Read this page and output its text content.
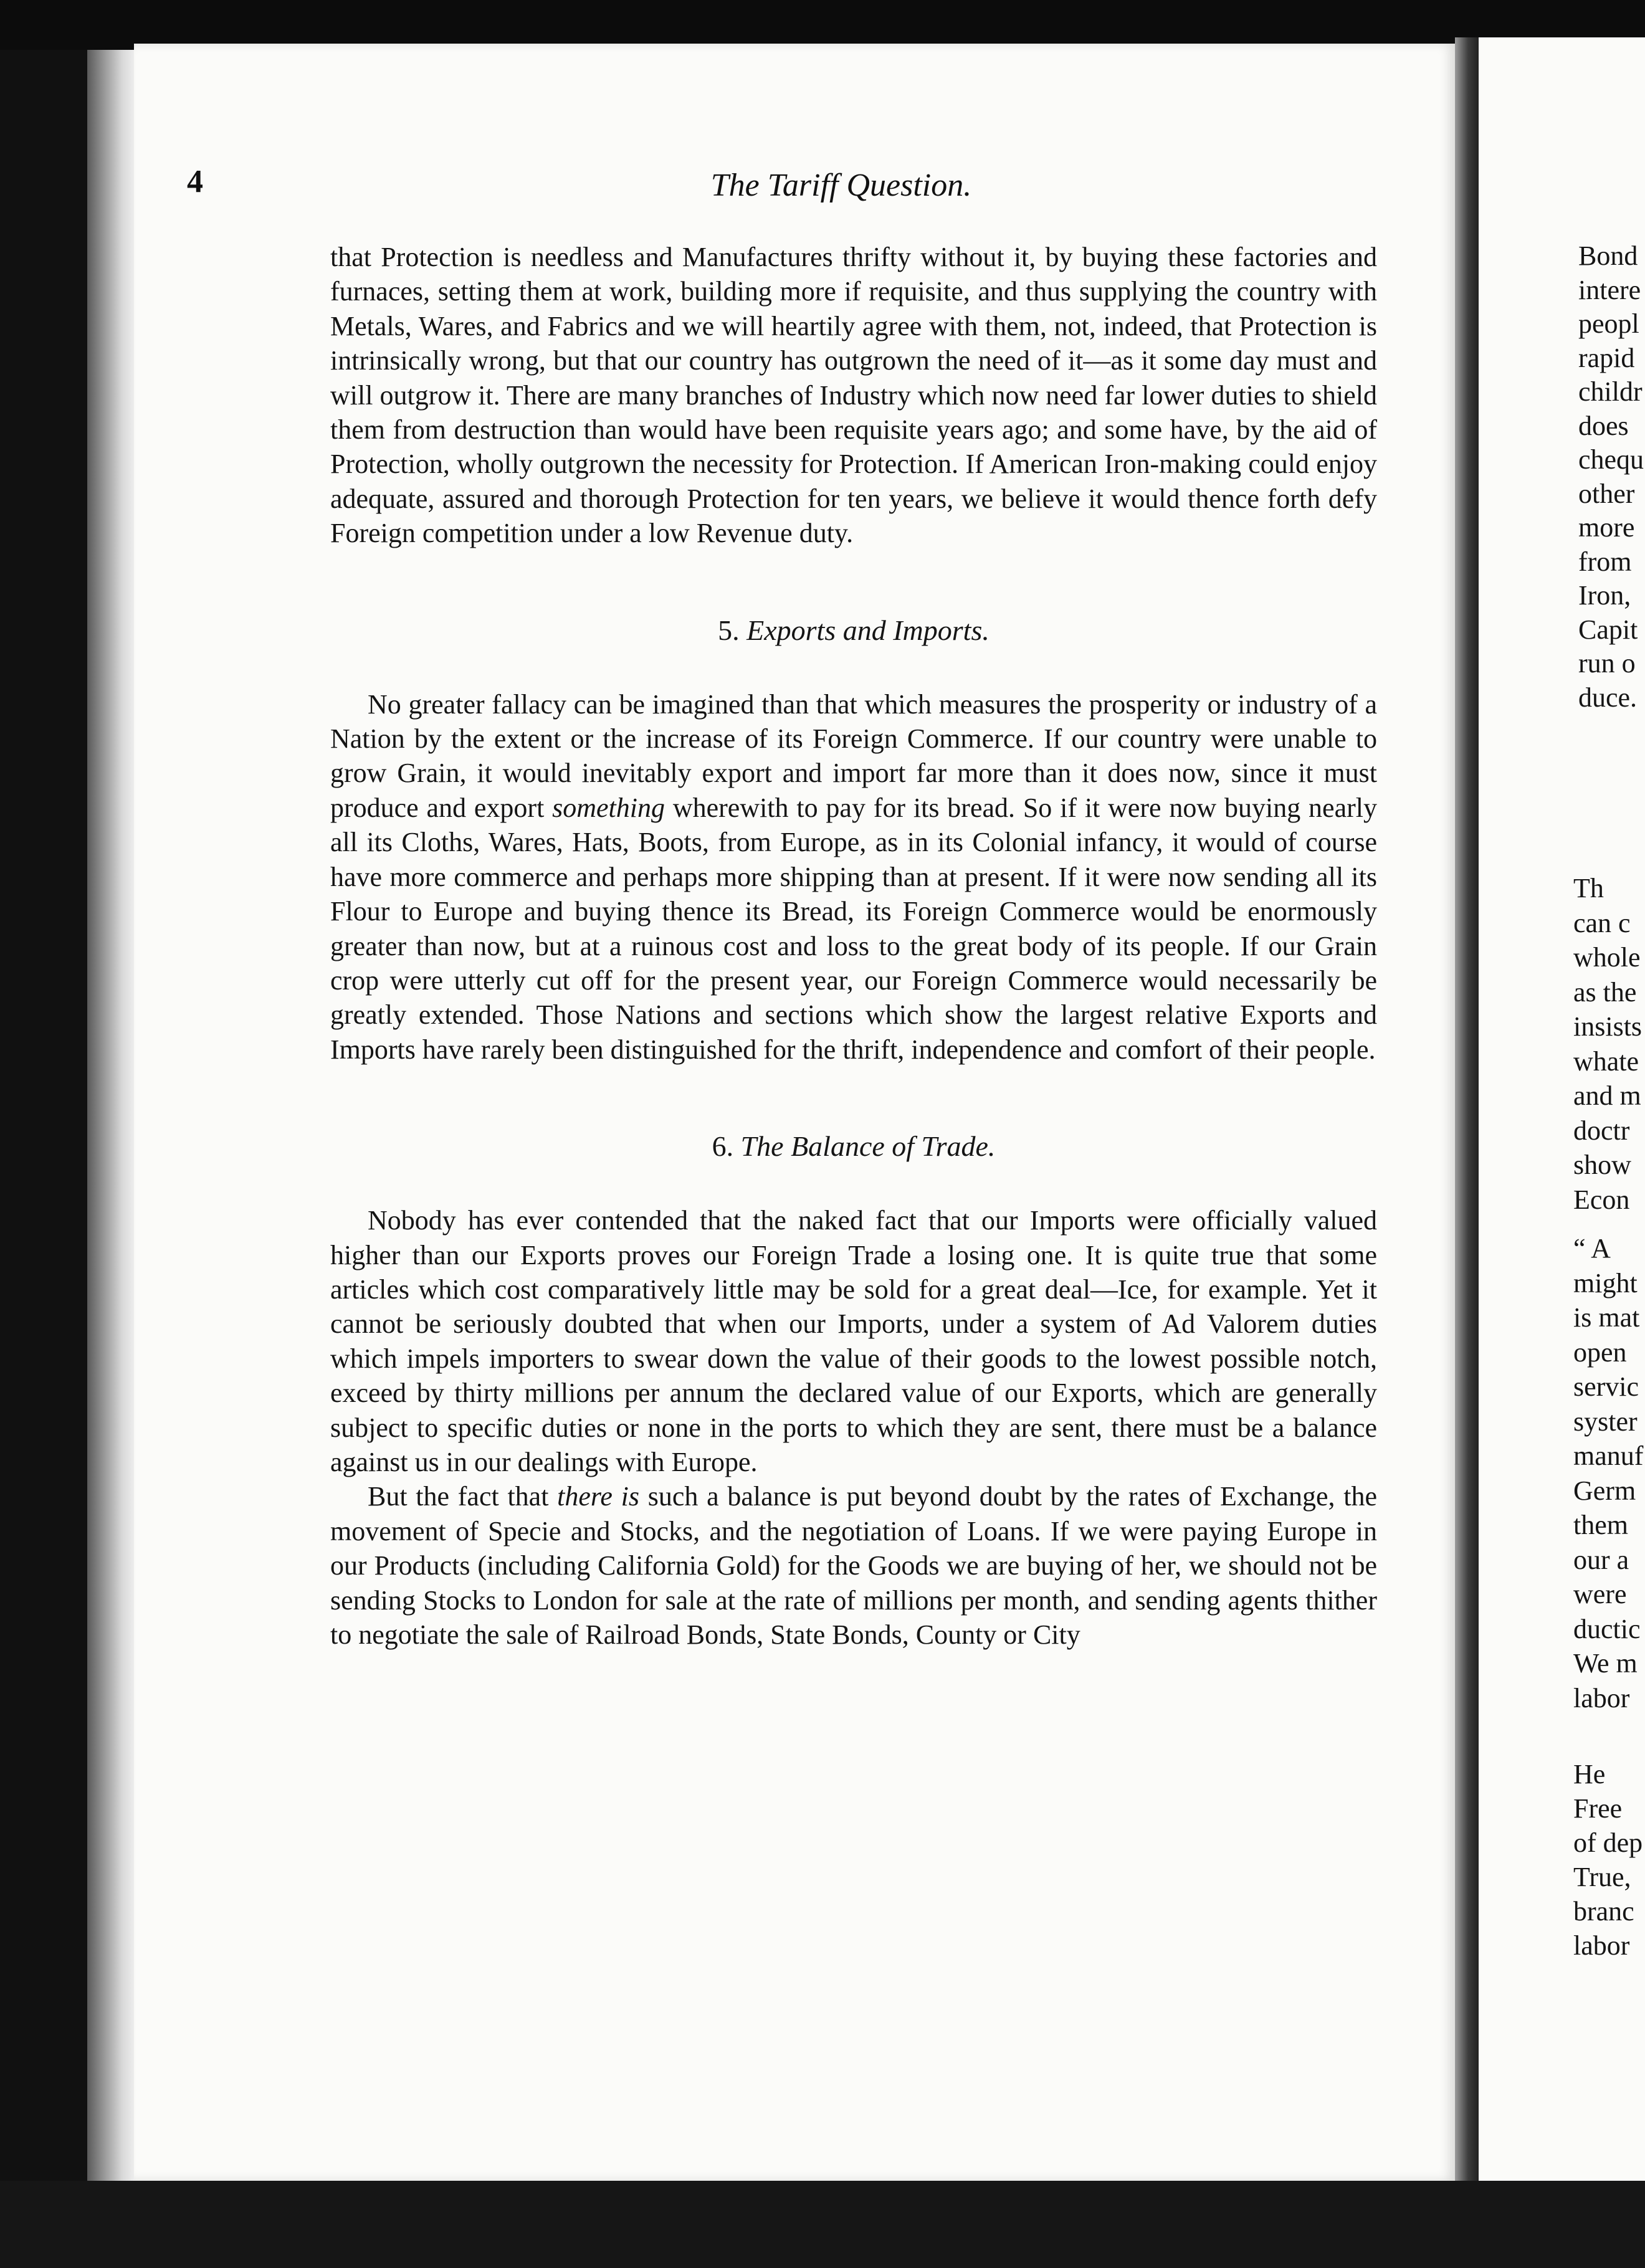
4	The Tariff Question.

that Protection is needless and Manufactures thrifty without it, by buying these factories and furnaces, setting them at work, building more if requisite, and thus supplying the country with Metals, Wares, and Fabrics and we will heartily agree with them, not, indeed, that Protection is intrinsically wrong, but that our country has outgrown the need of it—as it some day must and will outgrow it. There are many branches of Industry which now need far lower duties to shield them from destruction than would have been requisite years ago; and some have, by the aid of Protection, wholly outgrown the necessity for Protection. If American Iron-making could enjoy adequate, assured and thorough Protection for ten years, we believe it would thence forth defy Foreign competition under a low Revenue duty.

5. Exports and Imports.

No greater fallacy can be imagined than that which measures the prosperity or industry of a Nation by the extent or the increase of its Foreign Commerce. If our country were unable to grow Grain, it would inevitably export and import far more than it does now, since it must produce and export something wherewith to pay for its bread. So if it were now buying nearly all its Cloths, Wares, Hats, Boots, from Europe, as in its Colonial infancy, it would of course have more commerce and perhaps more shipping than at present. If it were now sending all its Flour to Europe and buying thence its Bread, its Foreign Commerce would be enormously greater than now, but at a ruinous cost and loss to the great body of its people. If our Grain crop were utterly cut off for the present year, our Foreign Commerce would necessarily be greatly extended. Those Nations and sections which show the largest relative Exports and Imports have rarely been distinguished for the thrift, independence and comfort of their people.

6. The Balance of Trade.

Nobody has ever contended that the naked fact that our Imports were officially valued higher than our Exports proves our Foreign Trade a losing one. It is quite true that some articles which cost comparatively little may be sold for a great deal—Ice, for example. Yet it cannot be seriously doubted that when our Imports, under a system of Ad Valorem duties which impels importers to swear down the value of their goods to the lowest possible notch, exceed by thirty millions per annum the declared value of our Exports, which are generally subject to specific duties or none in the ports to which they are sent, there must be a balance against us in our dealings with Europe.

But the fact that there is such a balance is put beyond doubt by the rates of Exchange, the movement of Specie and Stocks, and the negotiation of Loans. If we were paying Europe in our Products (including California Gold) for the Goods we are buying of her, we should not be sending Stocks to London for sale at the rate of millions per month, and sending agents thither to negotiate the sale of Railroad Bonds, State Bonds, County or City

Bond
intere
peopl
rapid
childr
does
chequ
other
more
from
Iron,
Capit
run o
duce.
Th
can c
whole
as the
insists
whate
and m
doctr
show
Econ
“ A
might
is mat
open
servic
syster
manuf
Germ
them
our a
were
ductic
We m
labor
He
Free
of dep
True,
branc
labor
